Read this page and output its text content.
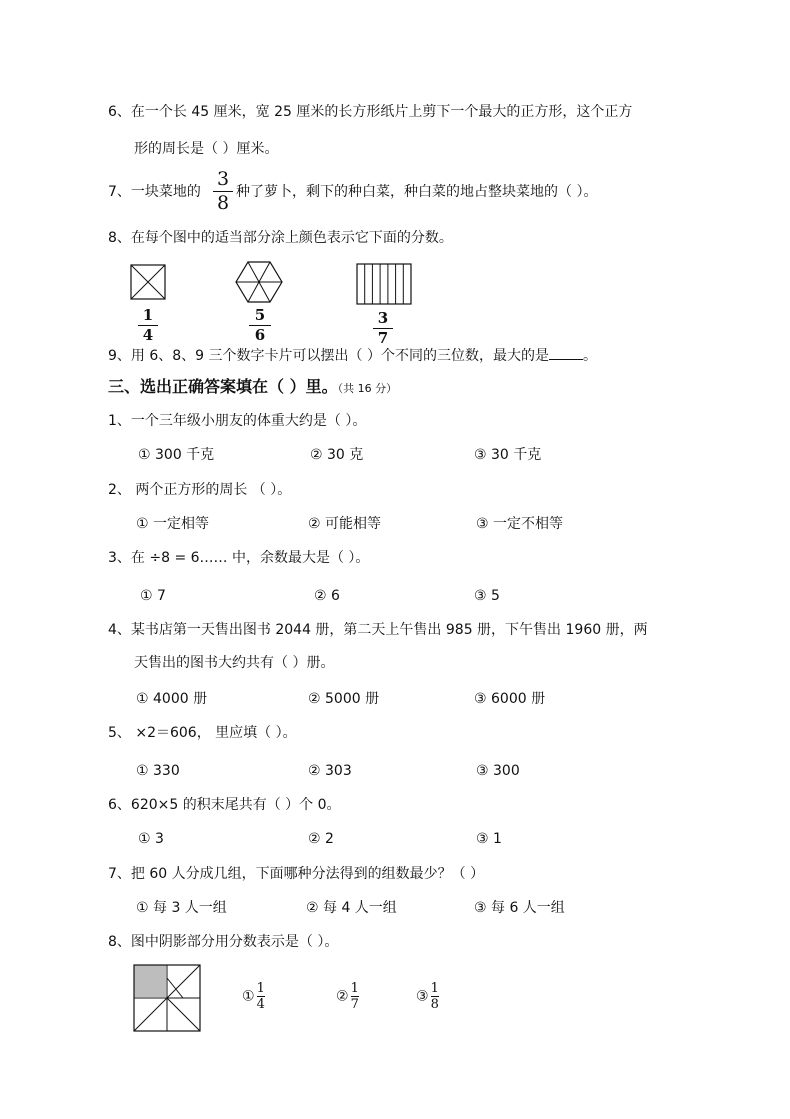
6、在一个长 45 厘米，宽 25 厘米的长方形纸片上剪下一个最大的正方形，这个正方
形的周长是（ ）厘米。
7、一块菜地的
3
8 种了萝卜，剩下的种白菜，种白菜的地占整块菜地的（ ）。
8、在每个图中的适当部分涂上颜色表示它下面的分数。
1
4
5
6
3
7
9、用 6、8、9 三个数字卡片可以摆出（ ）个不同的三位数，最大的是 。
三、选出正确答案填在（ ）里。（共 16 分）
1、一个三年级小朋友的体重大约是（ ）。
① 300 千克	② 30 克	③ 30 千克
2、 两个正方形的周长 （ ）。
① 一定相等	② 可能相等	③ 一定不相等
3、在 ÷8 = 6…… 中，余数最大是（ ）。
① 7	② 6	③ 5
4、某书店第一天售出图书 2044 册，第二天上午售出 985 册，下午售出 1960 册，两
天售出的图书大约共有（ ）册。
① 4000 册	② 5000 册	③ 6000 册
5、 ×2＝606， 里应填（ ）。
① 330	② 303	③ 300
6、620×5 的积末尾共有（ ）个 0。
① 3	② 2	③ 1
7、把 60 人分成几组，下面哪种分法得到的组数最少？（ ）
① 每 3 人一组	② 每 4 人一组	③ 每 6 人一组
8、图中阴影部分用分数表示是（ ）。
① $\frac{1}{4}$	② $\frac{1}{7}$	③ $\frac{1}{8}$
